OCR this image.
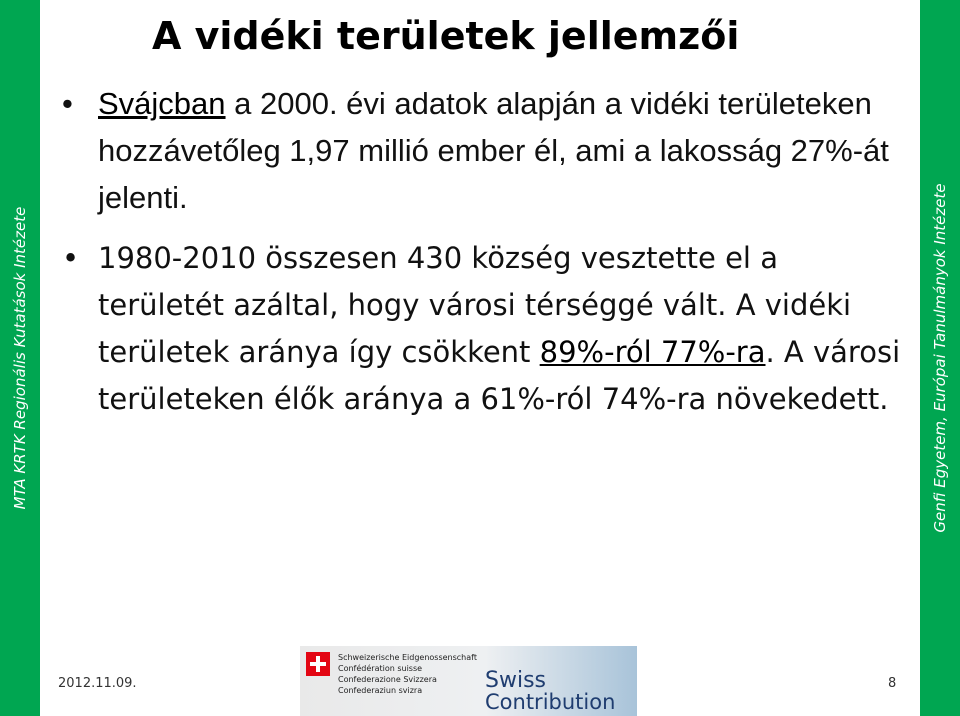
MTA KRTK Regionális Kutatások Intézete	Genfi Egyetem, Európai Tanulmányok Intézete
A vidéki területek jellemzői
• Svájcban a 2000. évi adatok alapján a vidéki területeken hozzávetőleg 1,97 millió ember él, ami a lakosság 27%-át jelenti.
• 1980-2010 összesen 430 község vesztette el a területét azáltal, hogy városi térséggé vált. A vidéki területek aránya így csökkent 89%-ról 77%-ra. A városi területeken élők aránya a 61%-ról 74%-ra növekedett.
2012.11.09.
Schweizerische Eidgenossenschaft
Confédération suisse
Confederazione Svizzera
Confederaziun svizra	Swiss
Contribution
8
